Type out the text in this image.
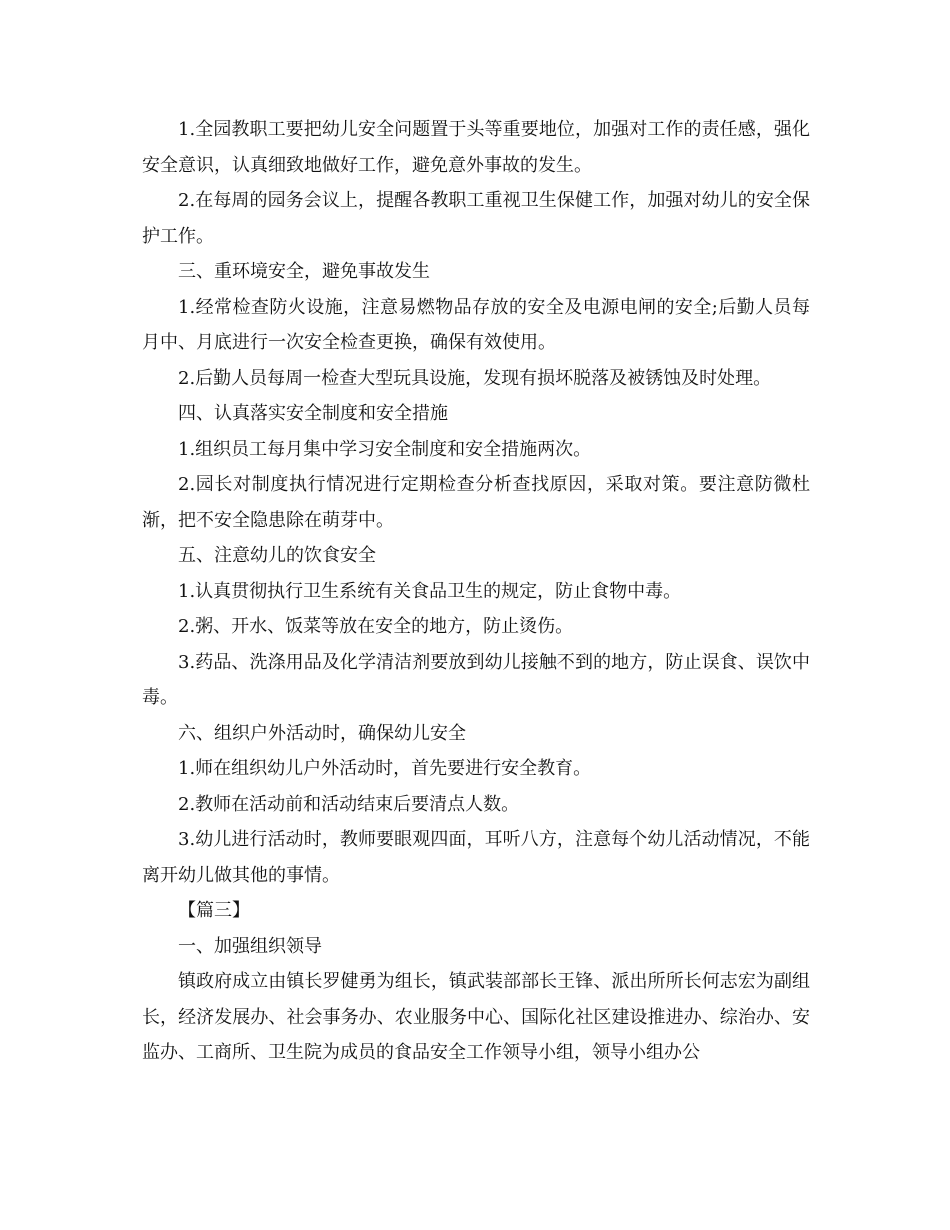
1.全园教职工要把幼儿安全问题置于头等重要地位，加强对工作的责任感，强化安全意识，认真细致地做好工作，避免意外事故的发生。

2.在每周的园务会议上，提醒各教职工重视卫生保健工作，加强对幼儿的安全保护工作。

三、重环境安全，避免事故发生

1.经常检查防火设施，注意易燃物品存放的安全及电源电闸的安全;后勤人员每月中、月底进行一次安全检查更换，确保有效使用。

2.后勤人员每周一检查大型玩具设施，发现有损坏脱落及被锈蚀及时处理。

四、认真落实安全制度和安全措施

1.组织员工每月集中学习安全制度和安全措施两次。

2.园长对制度执行情况进行定期检查分析查找原因，采取对策。要注意防微杜渐，把不安全隐患除在萌芽中。

五、注意幼儿的饮食安全

1.认真贯彻执行卫生系统有关食品卫生的规定，防止食物中毒。

2.粥、开水、饭菜等放在安全的地方，防止烫伤。

3.药品、洗涤用品及化学清洁剂要放到幼儿接触不到的地方，防止误食、误饮中毒。

六、组织户外活动时，确保幼儿安全

1.师在组织幼儿户外活动时，首先要进行安全教育。

2.教师在活动前和活动结束后要清点人数。

3.幼儿进行活动时，教师要眼观四面，耳听八方，注意每个幼儿活动情况，不能离开幼儿做其他的事情。

【篇三】

一、加强组织领导

镇政府成立由镇长罗健勇为组长，镇武装部部长王锋、派出所所长何志宏为副组长，经济发展办、社会事务办、农业服务中心、国际化社区建设推进办、综治办、安监办、工商所、卫生院为成员的食品安全工作领导小组，领导小组办公
